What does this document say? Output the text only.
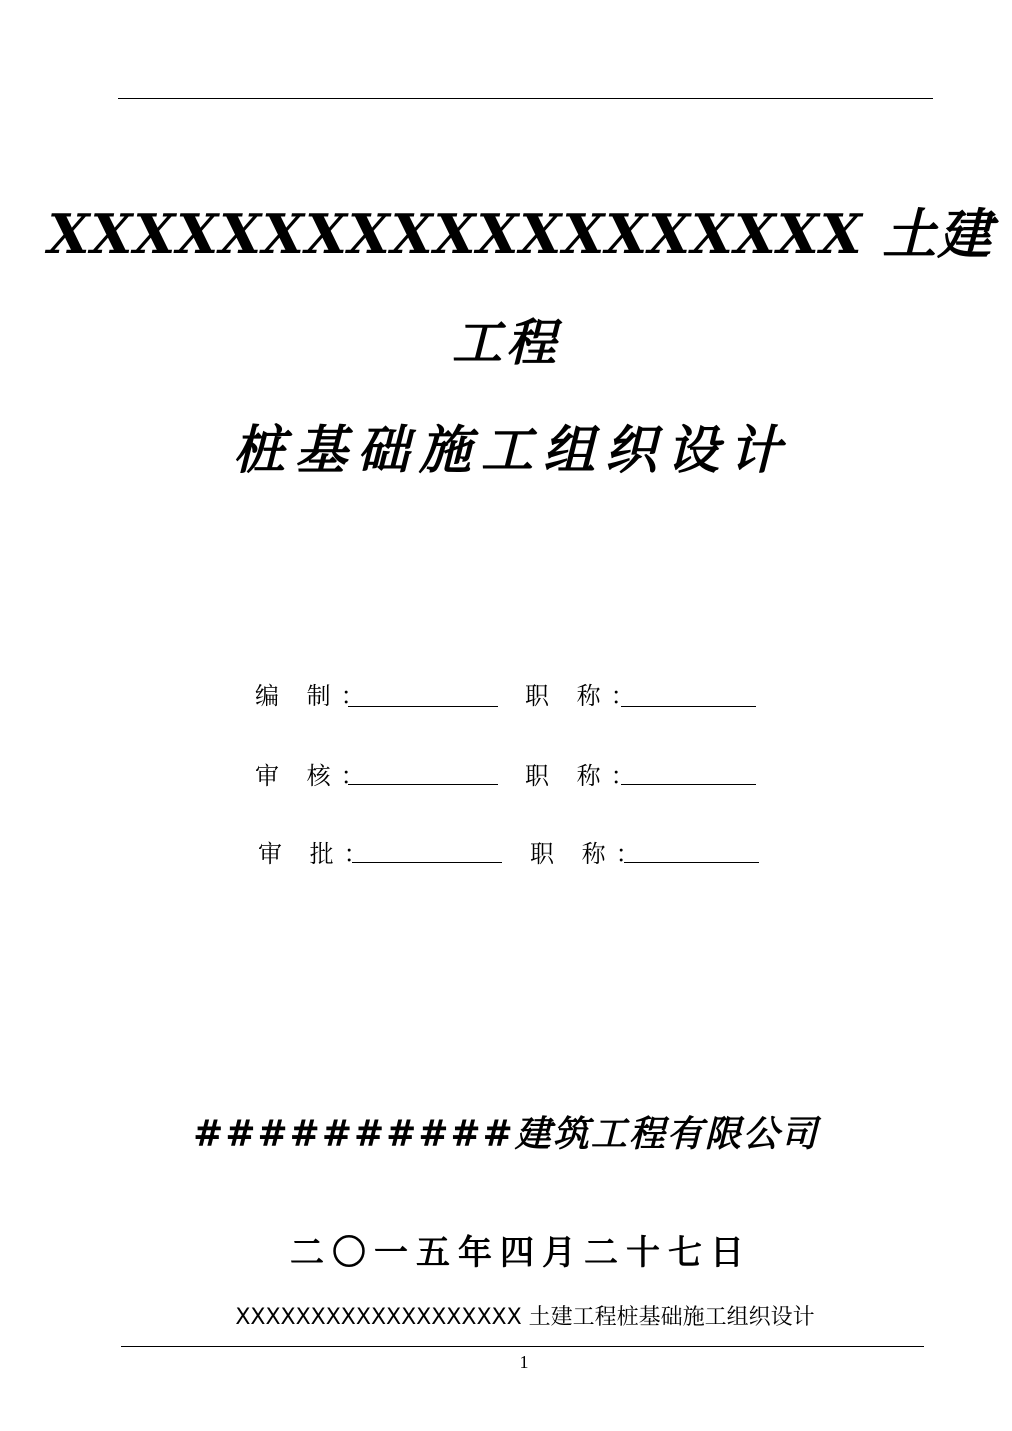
XXXXXXXXXXXXXXXXXXX 土建
工程
桩基础施工组织设计
编 制：	职 称：
审 核：	职 称：
审 批：	职 称：
##########建筑工程有限公司
二〇一五年四月二十七日
XXXXXXXXXXXXXXXXXXX 土建工程桩基础施工组织设计
1
